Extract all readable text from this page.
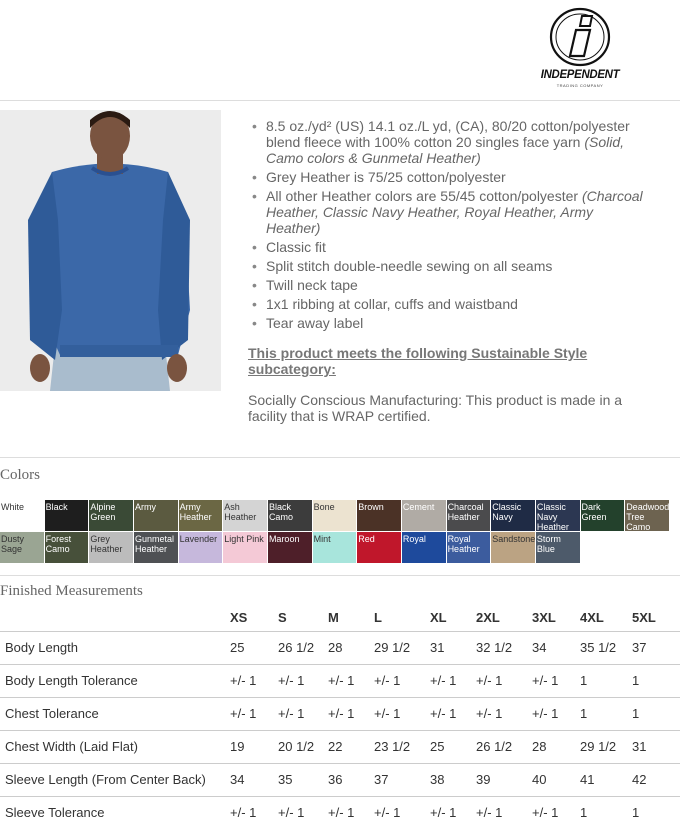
INDEPENDENT
TRADING COMPANY
• 8.5 oz./yd² (US) 14.1 oz./L yd, (CA), 80/20 cotton/polyester blend fleece with 100% cotton 20 singles face yarn (Solid, Camo colors & Gunmetal Heather)
• Grey Heather is 75/25 cotton/polyester
• All other Heather colors are 55/45 cotton/polyester (Charcoal Heather, Classic Navy Heather, Royal Heather, Army Heather)
• Classic fit
• Split stitch double-needle sewing on all seams
• Twill neck tape
• 1x1 ribbing at collar, cuffs and waistband
• Tear away label
This product meets the following Sustainable Style subcategory:
Socially Conscious Manufacturing: This product is made in a facility that is WRAP certified.
Colors
White	Black	Alpine Green
Army	Army Heather
Ash Heather
Black Camo
Bone	Brown	Cement	Charcoal Heather
Classic Navy
Classic Navy Heather
Dark Green
Deadwood Tree Camo
Dusty Sage
Forest Camo
Grey Heather
Gunmetal Heather
Lavender Light Pink Maroon	Mint	Red	Royal	Royal Heather
Sandstone Storm Blue
Finished Measurements
	XS	S	M	L	XL	2XL	3XL	4XL	5XL
Body Length	25	26 1/2	28	29 1/2	31	32 1/2	34	35 1/2	37
Body Length Tolerance	+/- 1	+/- 1	+/- 1	+/- 1	+/- 1	+/- 1	+/- 1	1	1
Chest Tolerance	+/- 1	+/- 1	+/- 1	+/- 1	+/- 1	+/- 1	+/- 1	1	1
Chest Width (Laid Flat)	19	20 1/2	22	23 1/2	25	26 1/2	28	29 1/2	31
Sleeve Length (From Center Back)	34	35	36	37	38	39	40	41	42
Sleeve Tolerance	+/- 1	+/- 1	+/- 1	+/- 1	+/- 1	+/- 1	+/- 1	1	1
